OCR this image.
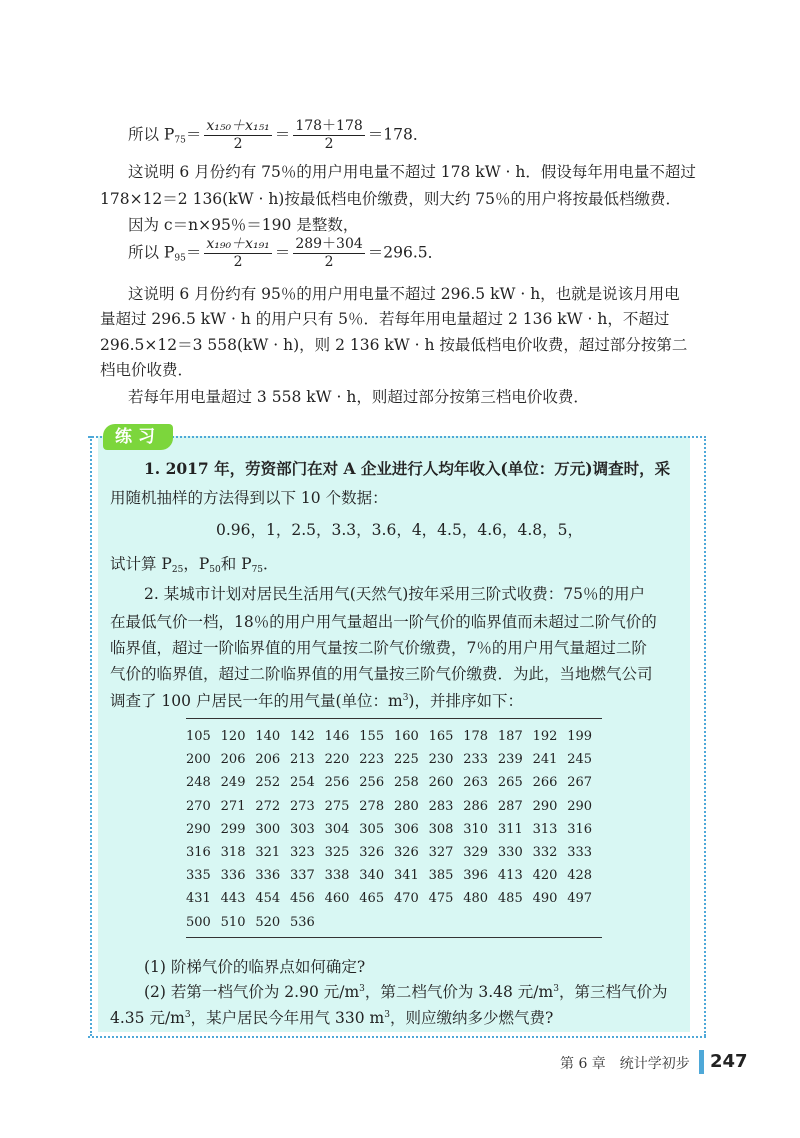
所以 $P_{75}= \frac{\text{x₁₅₀＋x₁₅₁}}{2} = \frac{178+178}{2} =178$．
这说明 6 月份约有 75％的用户用电量不超过 178 kW · h．假设每年用电量不超过
178×12＝2 136(kW · h)按最低档电价缴费，则大约 75％的用户将按最低档缴费．
因为 c＝n×95％＝190 是整数，
所以 $P_{95}= \frac{\text{x₁₉₀＋x₁₉₁}}{2} = \frac{289+304}{2} =296.5$．
这说明 6 月份约有 95％的用户用电量不超过 296.5 kW · h，也就是说该月用电
量超过 296.5 kW · h 的用户只有 5％．若每年用电量超过 2 136 kW · h，不超过
296.5×12＝3 558(kW · h)，则 2 136 kW · h 按最低档电价收费，超过部分按第二
档电价收费．
若每年用电量超过 3 558 kW · h，则超过部分按第三档电价收费．
练习
1. 2017 年，劳资部门在对 A 企业进行人均年收入(单位：万元)调查时，采
用随机抽样的方法得到以下 10 个数据：
0.96，1，2.5，3.3，3.6，4，4.5，4.6，4.8，5，
试计算 $P_{25}$，$P_{50}$和 $P_{75}$．
2. 某城市计划对居民生活用气(天然气)按年采用三阶式收费：75％的用户
在最低气价一档，18％的用户用气量超出一阶气价的临界值而未超过二阶气价的
临界值，超过一阶临界值的用气量按二阶气价缴费，7％的用户用气量超过二阶
气价的临界值，超过二阶临界值的用气量按三阶气价缴费．为此，当地燃气公司
调查了 100 户居民一年的用气量(单位：$m^3$)，并排序如下：
105	120	140	142	146	155	160	165	178	187	192	199
200	206	206	213	220	223	225	230	233	239	241	245
248	249	252	254	256	256	258	260	263	265	266	267
270	271	272	273	275	278	280	283	286	287	290	290
290	299	300	303	304	305	306	308	310	311	313	316
316	318	321	323	325	326	326	327	329	330	332	333
335	336	336	337	338	340	341	385	396	413	420	428
431	443	454	456	460	465	470	475	480	485	490	497
500	510	520	536								
(1) 阶梯气价的临界点如何确定?
(2) 若第一档气价为 2.90 元$/m^3$，第二档气价为 3.48 元$/m^3$，第三档气价为
4.35 元$/m^3$，某户居民今年用气 330 $m^3$，则应缴纳多少燃气费?
第 6 章　统计学初步 247
